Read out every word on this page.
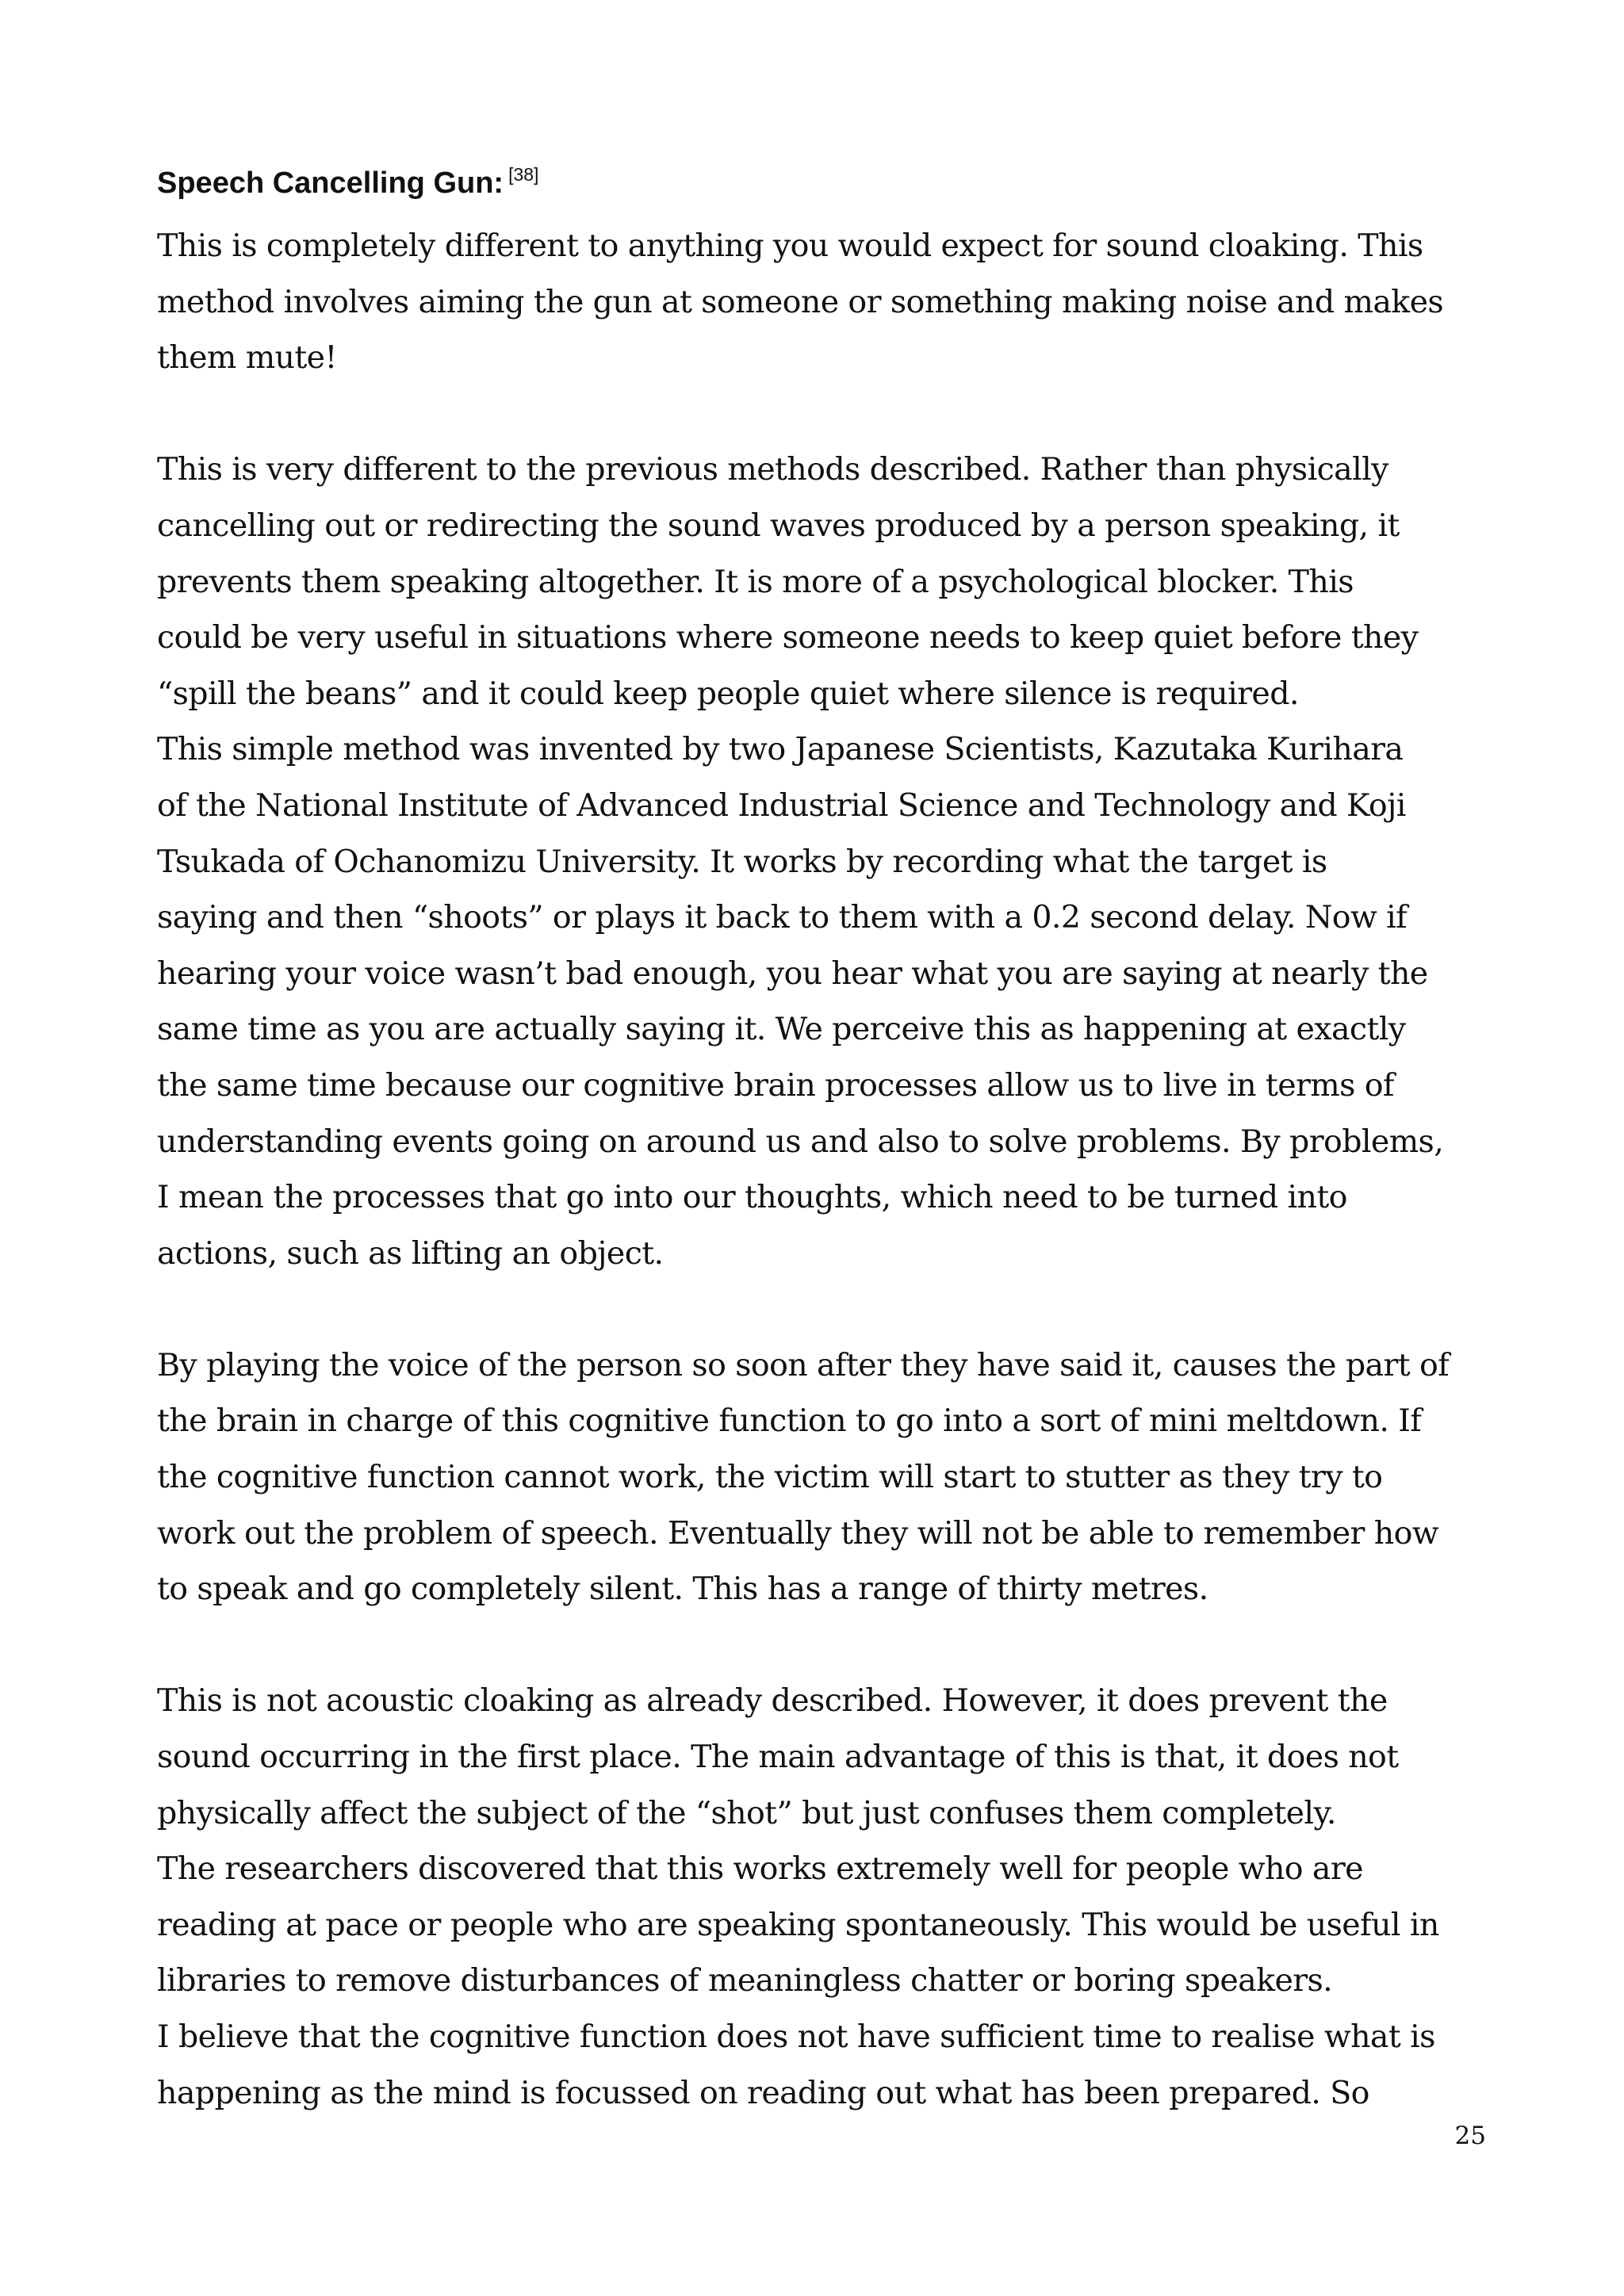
Speech Cancelling Gun: [38]
This is completely different to anything you would expect for sound cloaking. This
method involves aiming the gun at someone or something making noise and makes
them mute!
This is very different to the previous methods described. Rather than physically
cancelling out or redirecting the sound waves produced by a person speaking, it
prevents them speaking altogether. It is more of a psychological blocker. This
could be very useful in situations where someone needs to keep quiet before they
“spill the beans” and it could keep people quiet where silence is required.
This simple method was invented by two Japanese Scientists, Kazutaka Kurihara
of the National Institute of Advanced Industrial Science and Technology and Koji
Tsukada of Ochanomizu University. It works by recording what the target is
saying and then “shoots” or plays it back to them with a 0.2 second delay. Now if
hearing your voice wasn’t bad enough, you hear what you are saying at nearly the
same time as you are actually saying it. We perceive this as happening at exactly
the same time because our cognitive brain processes allow us to live in terms of
understanding events going on around us and also to solve problems. By problems,
I mean the processes that go into our thoughts, which need to be turned into
actions, such as lifting an object.
By playing the voice of the person so soon after they have said it, causes the part of
the brain in charge of this cognitive function to go into a sort of mini meltdown. If
the cognitive function cannot work, the victim will start to stutter as they try to
work out the problem of speech. Eventually they will not be able to remember how
to speak and go completely silent. This has a range of thirty metres.
This is not acoustic cloaking as already described. However, it does prevent the
sound occurring in the first place. The main advantage of this is that, it does not
physically affect the subject of the “shot” but just confuses them completely.
The researchers discovered that this works extremely well for people who are
reading at pace or people who are speaking spontaneously. This would be useful in
libraries to remove disturbances of meaningless chatter or boring speakers.
I believe that the cognitive function does not have sufficient time to realise what is
happening as the mind is focussed on reading out what has been prepared. So
25
